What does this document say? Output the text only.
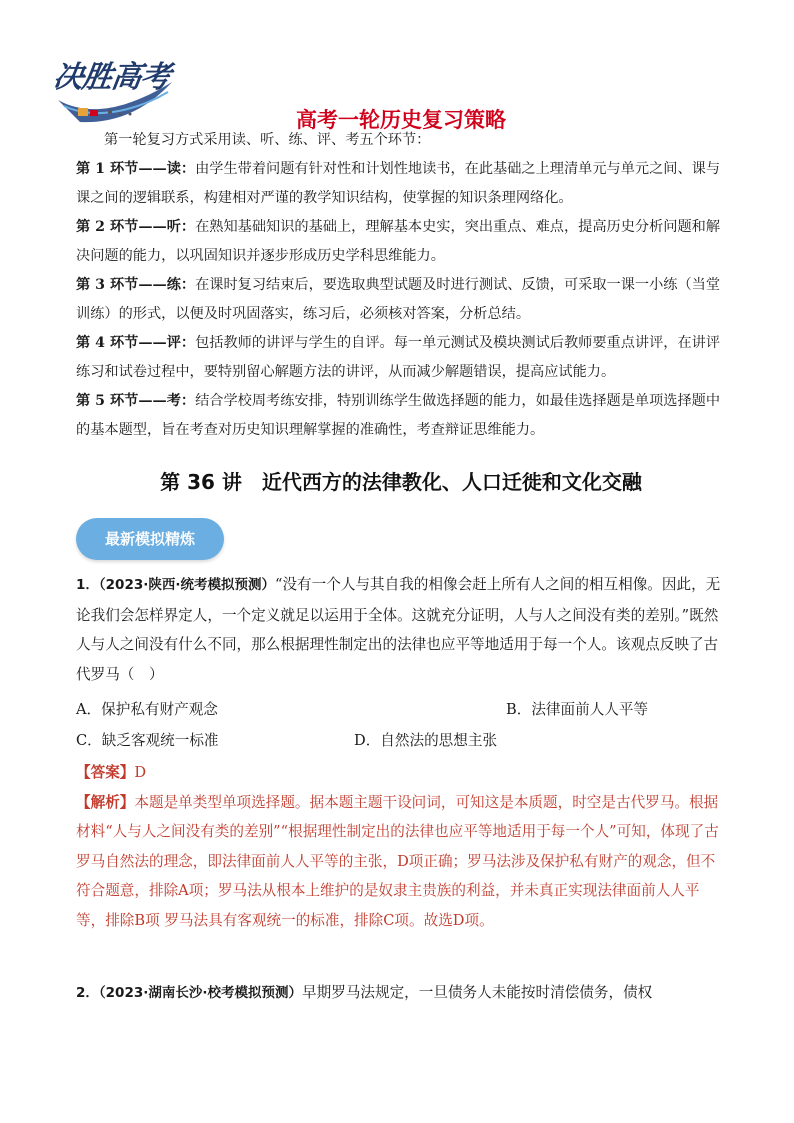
决胜高考
高考一轮历史复习策略
第一轮复习方式采用读、听、练、评、考五个环节：

第 1 环节——读：由学生带着问题有针对性和计划性地读书，在此基础之上理清单元与单元之间、课与课之间的逻辑联系，构建相对严谨的教学知识结构，使掌握的知识条理网络化。

第 2 环节——听：在熟知基础知识的基础上，理解基本史实，突出重点、难点，提高历史分析问题和解决问题的能力，以巩固知识并逐步形成历史学科思维能力。

第 3 环节——练：在课时复习结束后，要选取典型试题及时进行测试、反馈，可采取一课一小练（当堂训练）的形式，以便及时巩固落实，练习后，必须核对答案，分析总结。

第 4 环节——评：包括教师的讲评与学生的自评。每一单元测试及模块测试后教师要重点讲评，在讲评练习和试卷过程中，要特别留心解题方法的讲评，从而减少解题错误，提高应试能力。

第 5 环节——考：结合学校周考练安排，特别训练学生做选择题的能力，如最佳选择题是单项选择题中的基本题型，旨在考查对历史知识理解掌握的准确性，考查辩证思维能力。

第 36 讲　近代西方的法律教化、人口迁徙和文化交融
最新模拟精炼

1．（2023·陕西·统考模拟预测）“没有一个人与其自我的相像会赶上所有人之间的相互相像。因此，无论我们会怎样界定人，一个定义就足以运用于全体。这就充分证明，人与人之间没有类的差别。”既然人与人之间没有什么不同，那么根据理性制定出的法律也应平等地适用于每一个人。该观点反映了古代罗马（　）

A．保护私有财产观念	B．法律面前人人平等
C．缺乏客观统一标准	D．自然法的思想主张

【答案】D

【解析】本题是单类型单项选择题。据本题主题干设问词，可知这是本质题，时空是古代罗马。根据材料“人与人之间没有类的差别”“根据理性制定出的法律也应平等地适用于每一个人”可知，体现了古罗马自然法的理念，即法律面前人人平等的主张，D项正确；罗马法涉及保护私有财产的观念，但不符合题意，排除A项；罗马法从根本上维护的是奴隶主贵族的利益，并未真正实现法律面前人人平等，排除B项 罗马法具有客观统一的标准，排除C项。故选D项。

2．（2023·湖南长沙·校考模拟预测）早期罗马法规定，一旦债务人未能按时清偿债务，债权
